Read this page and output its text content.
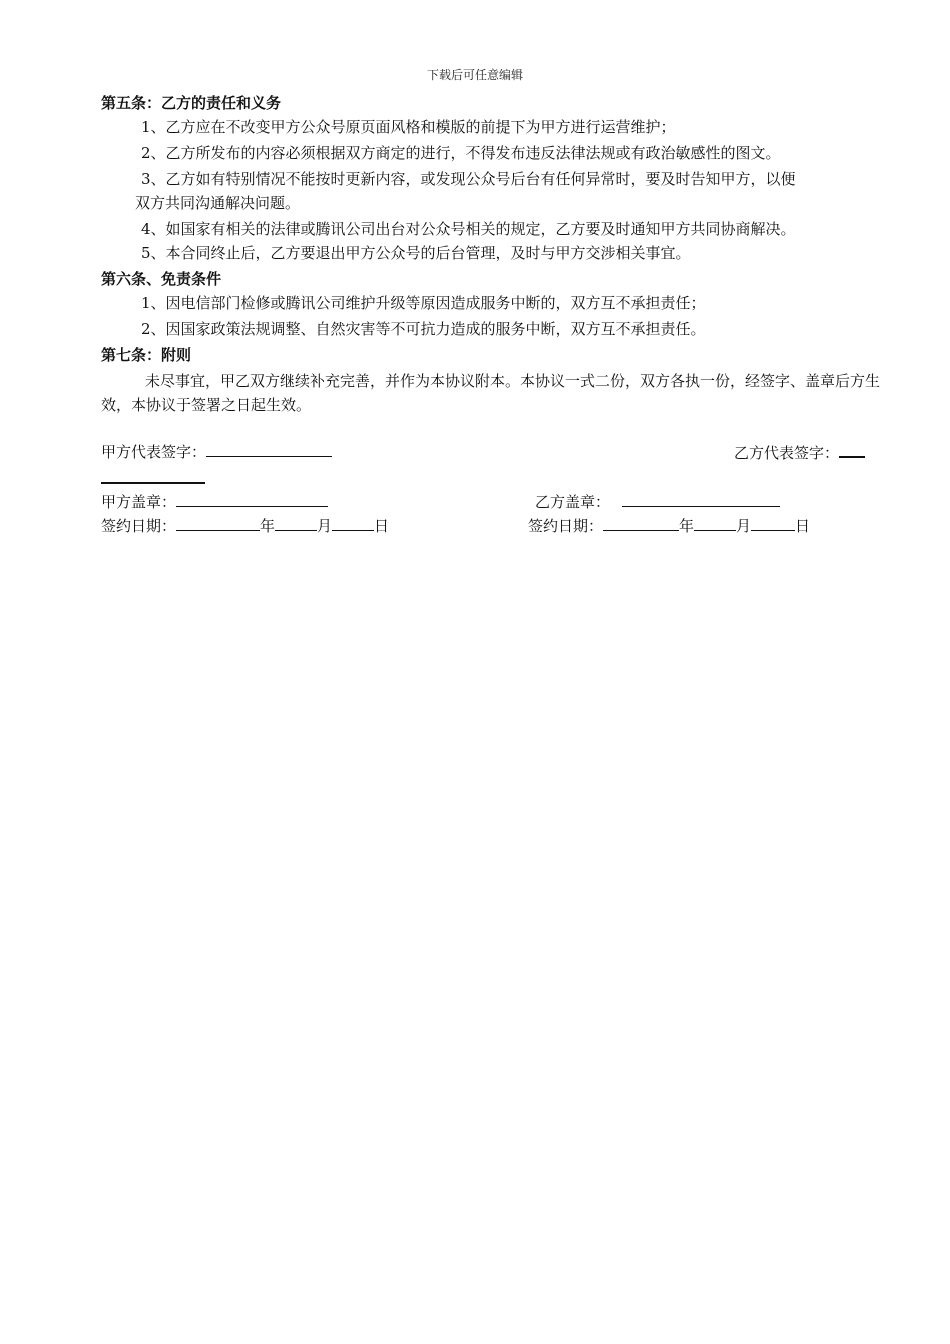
下载后可任意编辑
第五条：乙方的责任和义务
1、乙方应在不改变甲方公众号原页面风格和模版的前提下为甲方进行运营维护；
2、乙方所发布的内容必须根据双方商定的进行，不得发布违反法律法规或有政治敏感性的图文。
3、乙方如有特别情况不能按时更新内容，或发现公众号后台有任何异常时，要及时告知甲方，以便
双方共同沟通解决问题。
4、如国家有相关的法律或腾讯公司出台对公众号相关的规定，乙方要及时通知甲方共同协商解决。
5、本合同终止后，乙方要退出甲方公众号的后台管理，及时与甲方交涉相关事宜。
第六条、免责条件
1、因电信部门检修或腾讯公司维护升级等原因造成服务中断的，双方互不承担责任；
2、因国家政策法规调整、自然灾害等不可抗力造成的服务中断，双方互不承担责任。
第七条：附则
未尽事宜，甲乙双方继续补充完善，并作为本协议附本。本协议一式二份，双方各执一份，经签字、盖章后方生效，本协议于签署之日起生效。
甲方代表签字：	乙方代表签字：
甲方盖章：	乙方盖章：
签约日期：	年	月	日	签约日期：	年	月	日
